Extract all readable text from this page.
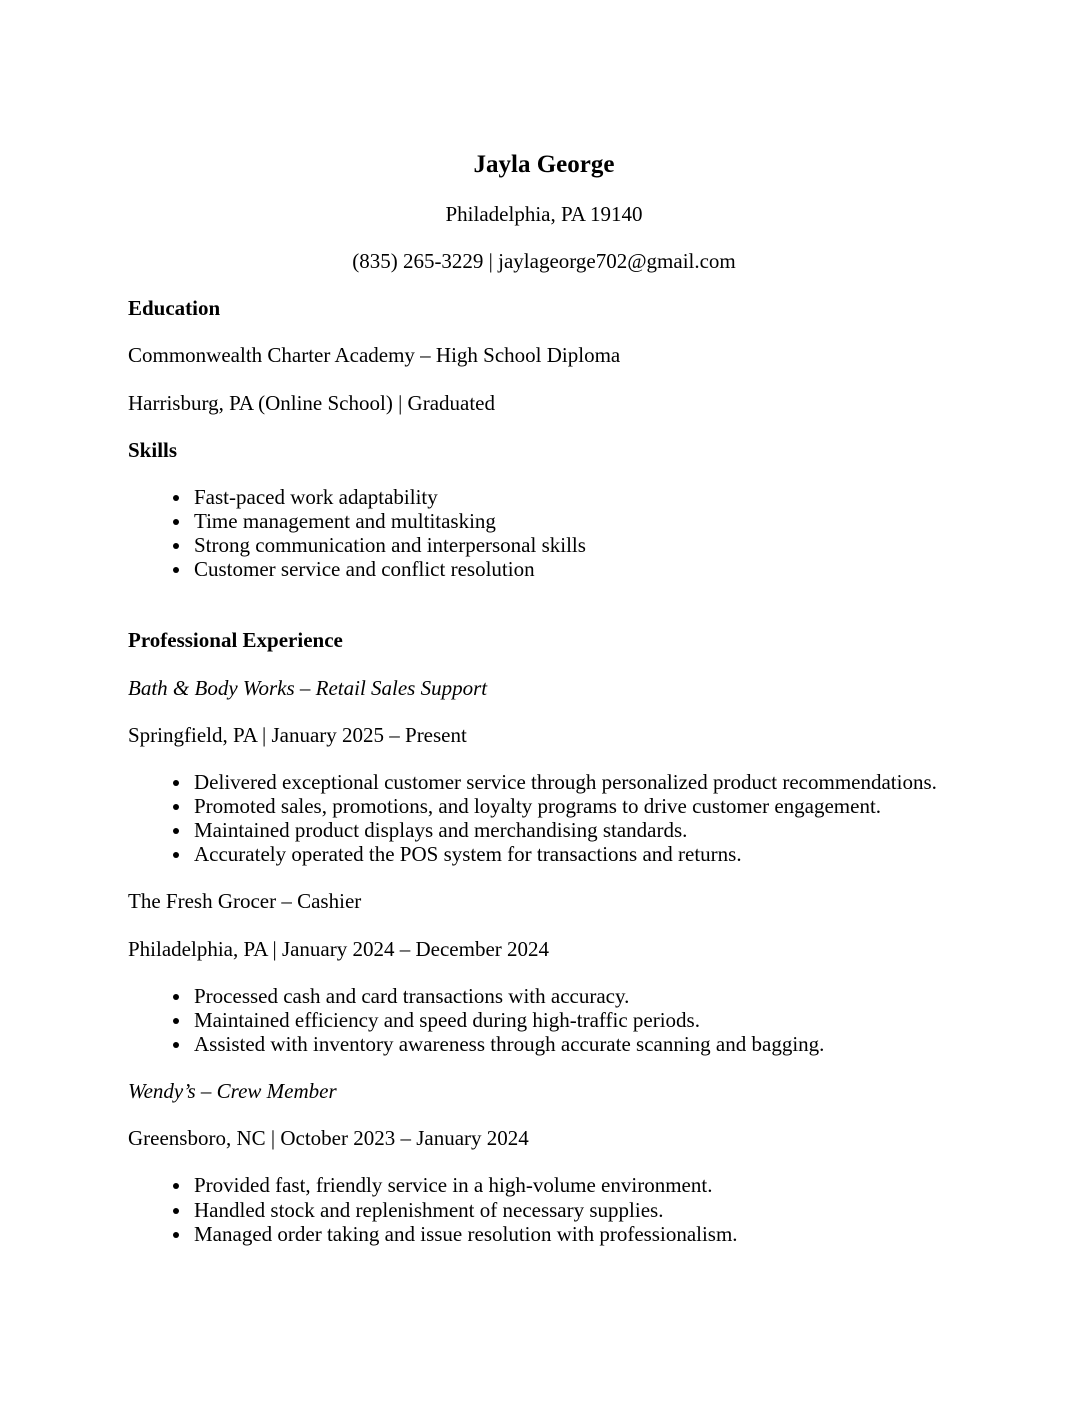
Jayla George

Philadelphia, PA 19140

(835) 265-3229 | jaylageorge702@gmail.com

Education

Commonwealth Charter Academy – High School Diploma

Harrisburg, PA (Online School) | Graduated

Skills
• Fast-paced work adaptability
• Time management and multitasking
• Strong communication and interpersonal skills
• Customer service and conflict resolution
Professional Experience

Bath & Body Works – Retail Sales Support

Springfield, PA | January 2025 – Present

• Delivered exceptional customer service through personalized product recommendations.
• Promoted sales, promotions, and loyalty programs to drive customer engagement.
• Maintained product displays and merchandising standards.
• Accurately operated the POS system for transactions and returns.

The Fresh Grocer – Cashier

Philadelphia, PA | January 2024 – December 2024

• Processed cash and card transactions with accuracy.
• Maintained efficiency and speed during high-traffic periods.
• Assisted with inventory awareness through accurate scanning and bagging.

Wendy’s – Crew Member

Greensboro, NC | October 2023 – January 2024

• Provided fast, friendly service in a high-volume environment.
• Handled stock and replenishment of necessary supplies.
• Managed order taking and issue resolution with professionalism.
